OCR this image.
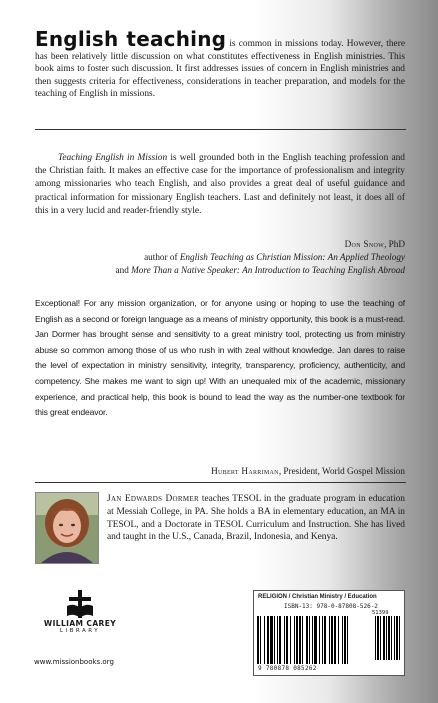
English teaching is common in missions today. However, there has been relatively little discussion on what constitutes effectiveness in English ministries. This book aims to foster such discussion. It first addresses issues of concern in English ministries and then suggests criteria for effectiveness, considerations in teacher preparation, and models for the teaching of English in missions.

Teaching English in Mission is well grounded both in the English teaching profession and the Christian faith. It makes an effective case for the importance of professionalism and integrity among missionaries who teach English, and also provides a great deal of useful guidance and practical information for missionary English teachers. Last and definitely not least, it does all of this in a very lucid and reader-friendly style.

Don Snow, PhD
author of English Teaching as Christian Mission: An Applied Theology
and More Than a Native Speaker: An Introduction to Teaching English Abroad

Exceptional! For any mission organization, or for anyone using or hoping to use the teaching of English as a second or foreign language as a means of ministry opportunity, this book is a must-read. Jan Dormer has brought sense and sensitivity to a great ministry tool, protecting us from ministry abuse so common among those of us who rush in with zeal without knowledge. Jan dares to raise the level of expectation in ministry sensitivity, integrity, transparency, proficiency, authenticity, and competency. She makes me want to sign up! With an unequaled mix of the academic, missionary experience, and practical help, this book is bound to lead the way as the number-one textbook for this great endeavor.

Hubert Harriman, President, World Gospel Mission
Jan Edwards Dormer teaches TESOL in the graduate program in education at Messiah College, in PA. She holds a BA in elementary education, an MA in TESOL, and a Doctorate in TESOL Curriculum and Instruction. She has lived and taught in the U.S., Canada, Brazil, Indonesia, and Kenya.
WILLIAM CAREY
LIBRARY
www.missionbooks.org
RELIGION / Christian Ministry / Education
ISBN-13: 978-0-87808-526-2
51399
9 780878 085262
